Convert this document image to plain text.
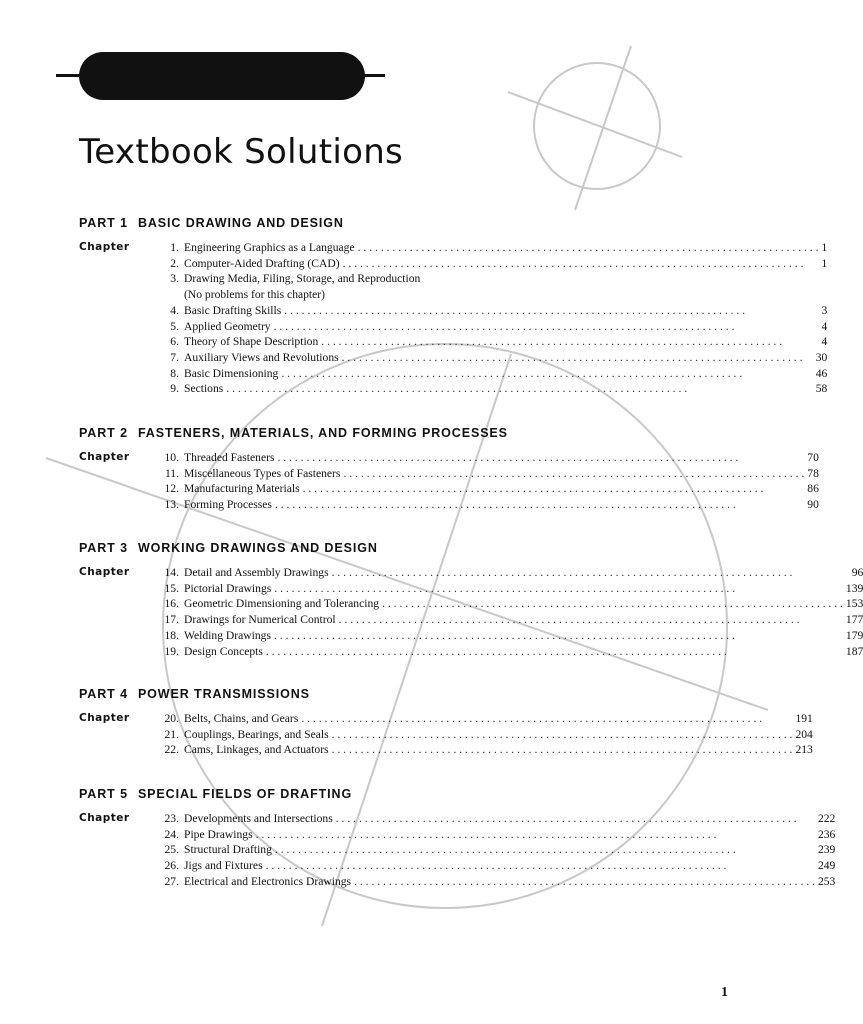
Textbook Solutions
PART 1 BASIC DRAWING AND DESIGN
Chapter	1. Engineering Graphics as a Language . . .	1
2. Computer-Aided Drafting (CAD) . . .	1
3. Drawing Media, Filing, Storage, and Reproduction
(No problems for this chapter)
4. Basic Drafting Skills . . .	3
5. Applied Geometry . . .	4
6. Theory of Shape Description . . .	4
7. Auxiliary Views and Revolutions . . .	30
8. Basic Dimensioning . . .	46
9. Sections . . .	58
PART 2 FASTENERS, MATERIALS, AND FORMING PROCESSES
Chapter	10. Threaded Fasteners . . .	70
11. Miscellaneous Types of Fasteners . . .	78
12. Manufacturing Materials . . .	86
13. Forming Processes . . .	90
PART 3 WORKING DRAWINGS AND DESIGN
Chapter	14. Detail and Assembly Drawings . . .	96
15. Pictorial Drawings . . .	139
16. Geometric Dimensioning and Tolerancing . . .	153
17. Drawings for Numerical Control . . .	177
18. Welding Drawings . . .	179
19. Design Concepts . . .	187
PART 4 POWER TRANSMISSIONS
Chapter	20. Belts, Chains, and Gears . . .	191
21. Couplings, Bearings, and Seals . . .	204
22. Cams, Linkages, and Actuators . . .	213
PART 5 SPECIAL FIELDS OF DRAFTING
Chapter	23. Developments and Intersections . . .	222
24. Pipe Drawings . . .	236
25. Structural Drafting . . .	239
26. Jigs and Fixtures . . .	249
27. Electrical and Electronics Drawings . . .	253
1
